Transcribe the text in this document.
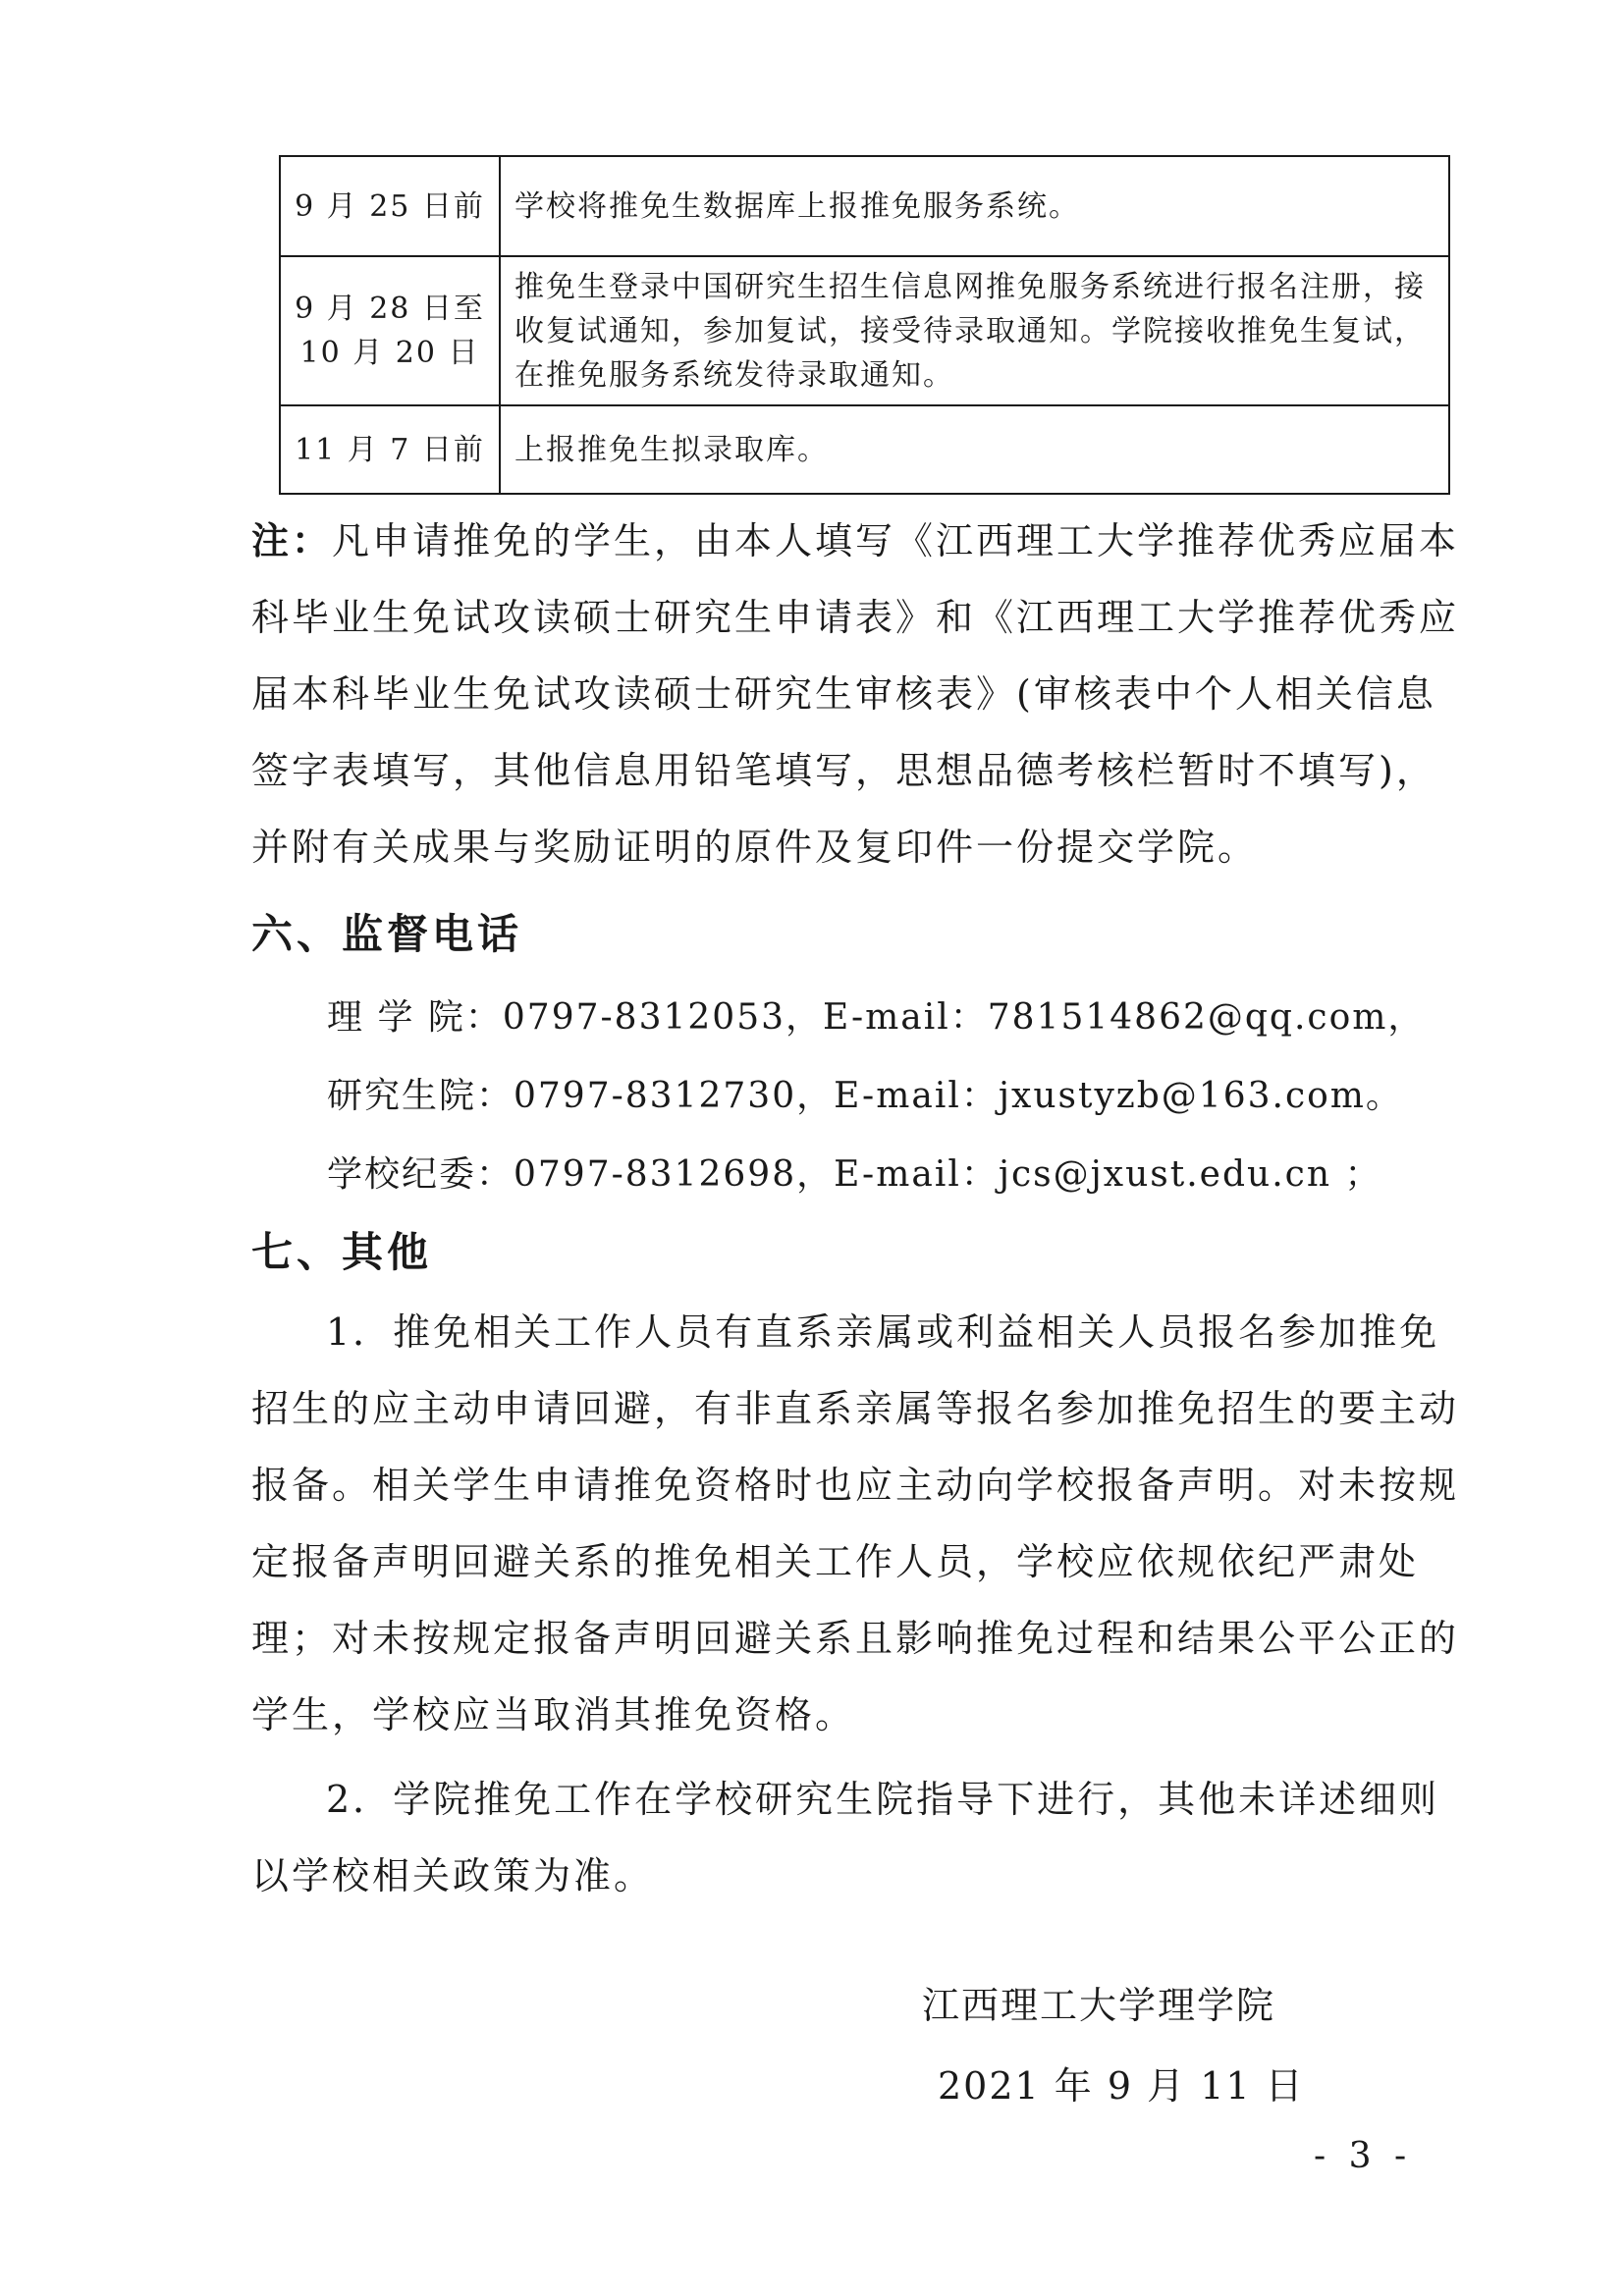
9 月 25 日前	学校将推免生数据库上报推免服务系统。

9 月 28 日至
10 月 20 日	推免生登录中国研究生招生信息网推免服务系统进行报名注册，接收复试通知，参加复试，接受待录取通知。学院接收推免生复试，在推免服务系统发待录取通知。
11 月 7 日前	上报推免生拟录取库。
注：凡申请推免的学生，由本人填写《江西理工大学推荐优秀应届本科毕业生免试攻读硕士研究生申请表》和《江西理工大学推荐优秀应届本科毕业生免试攻读硕士研究生审核表》(审核表中个人相关信息签字表填写，其他信息用铅笔填写，思想品德考核栏暂时不填写)，并附有关成果与奖励证明的原件及复印件一份提交学院。
六、监督电话
理 学 院：0797-8312053，E-mail：781514862@qq.com，
研究生院：0797-8312730，E-mail：jxustyzb@163.com。
学校纪委：0797-8312698，E-mail：jcs@jxust.edu.cn ；
七、其他
1．推免相关工作人员有直系亲属或利益相关人员报名参加推免招生的应主动申请回避，有非直系亲属等报名参加推免招生的要主动报备。相关学生申请推免资格时也应主动向学校报备声明。对未按规定报备声明回避关系的推免相关工作人员，学校应依规依纪严肃处理；对未按规定报备声明回避关系且影响推免过程和结果公平公正的学生，学校应当取消其推免资格。
2．学院推免工作在学校研究生院指导下进行，其他未详述细则以学校相关政策为准。
江西理工大学理学院
2021 年 9 月 11 日
- 3 -
